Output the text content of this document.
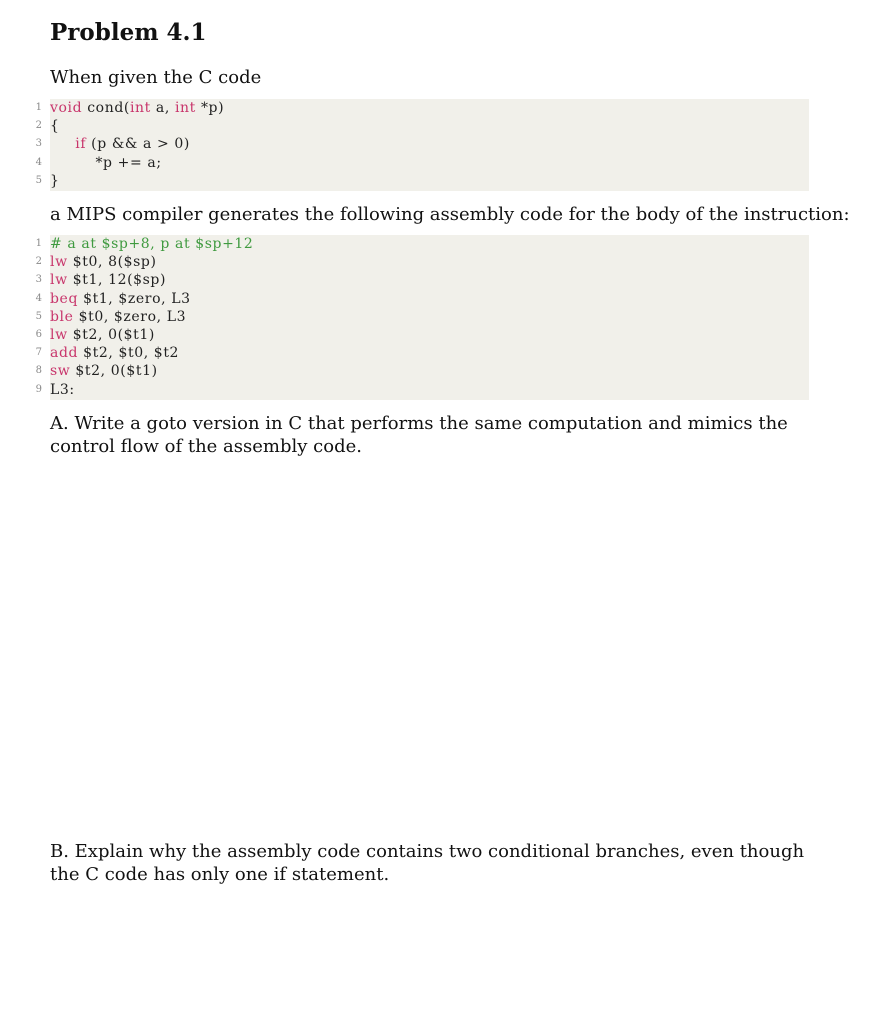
Problem 4.1

When given the C code

1 void cond(int a, int *p)
2 {
3 if (p && a > 0)
4 *p += a;
5 }

a MIPS compiler generates the following assembly code for the body of the instruction:

1 # a at $sp+8, p at $sp+12
2 lw $t0, 8($sp)
3 lw $t1, 12($sp)
4 beq $t1, $zero, L3
5 ble $t0, $zero, L3
6 lw $t2, 0($t1)
7 add $t2, $t0, $t2
8 sw $t2, 0($t1)
9 L3:

A. Write a goto version in C that performs the same computation and mimics the control flow of the assembly code.

B. Explain why the assembly code contains two conditional branches, even though the C code has only one if statement.
